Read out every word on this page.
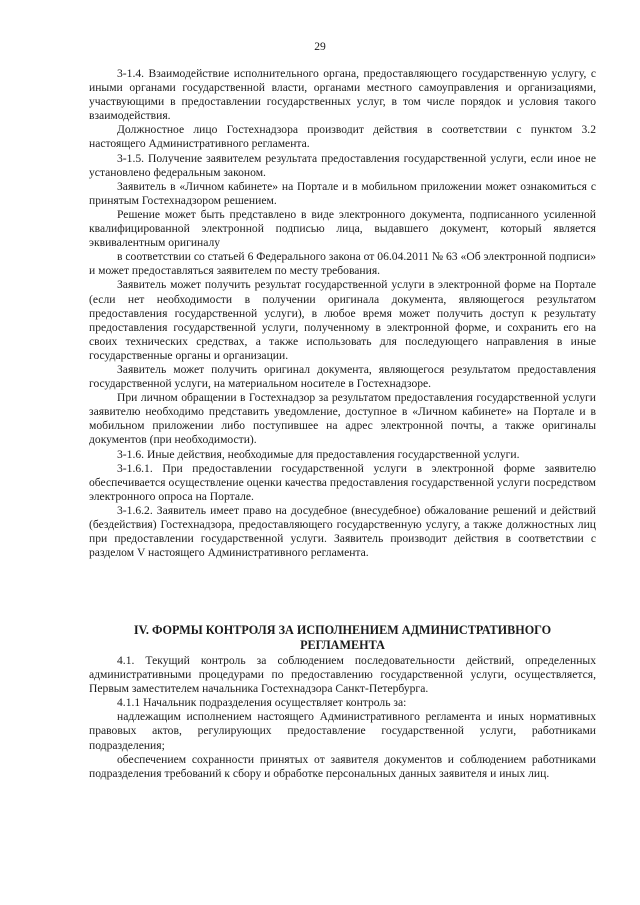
29

3-1.4. Взаимодействие исполнительного органа, предоставляющего государственную услугу, с иными органами государственной власти, органами местного самоуправления и организациями, участвующими в предоставлении государственных услуг, в том числе порядок и условия такого взаимодействия.

Должностное лицо Гостехнадзора производит действия в соответствии с пунктом 3.2 настоящего Административного регламента.

3-1.5. Получение заявителем результата предоставления государственной услуги, если иное не установлено федеральным законом.

Заявитель в «Личном кабинете» на Портале и в мобильном приложении может ознакомиться с принятым Гостехнадзором решением.

Решение может быть представлено в виде электронного документа, подписанного усиленной квалифицированной электронной подписью лица, выдавшего документ, который является эквивалентным оригиналу

в соответствии со статьей 6 Федерального закона от 06.04.2011 № 63 «Об электронной подписи» и может предоставляться заявителем по месту требования.

Заявитель может получить результат государственной услуги в электронной форме на Портале (если нет необходимости в получении оригинала документа, являющегося результатом предоставления государственной услуги), в любое время может получить доступ к результату предоставления государственной услуги, полученному в электронной форме, и сохранить его на своих технических средствах, а также использовать для последующего направления в иные государственные органы и организации.

Заявитель может получить оригинал документа, являющегося результатом предоставления государственной услуги, на материальном носителе в Гостехнадзоре.

При личном обращении в Гостехнадзор за результатом предоставления государственной услуги заявителю необходимо представить уведомление, доступное в «Личном кабинете» на Портале и в мобильном приложении либо поступившее на адрес электронной почты, а также оригиналы документов (при необходимости).

3-1.6. Иные действия, необходимые для предоставления государственной услуги.

3-1.6.1. При предоставлении государственной услуги в электронной форме заявителю обеспечивается осуществление оценки качества предоставления государственной услуги посредством электронного опроса на Портале.

3-1.6.2. Заявитель имеет право на досудебное (внесудебное) обжалование решений и действий (бездействия) Гостехнадзора, предоставляющего государственную услугу, а также должностных лиц при предоставлении государственной услуги. Заявитель производит действия в соответствии с разделом V настоящего Административного регламента.

IV. ФОРМЫ КОНТРОЛЯ ЗА ИСПОЛНЕНИЕМ АДМИНИСТРАТИВНОГО
РЕГЛАМЕНТА

4.1. Текущий контроль за соблюдением последовательности действий, определенных административными процедурами по предоставлению государственной услуги, осуществляется, Первым заместителем начальника Гостехнадзора Санкт-Петербурга.

4.1.1 Начальник подразделения осуществляет контроль за:

надлежащим исполнением настоящего Административного регламента и иных нормативных правовых актов, регулирующих предоставление государственной услуги, работниками подразделения;

обеспечением сохранности принятых от заявителя документов и соблюдением работниками подразделения требований к сбору и обработке персональных данных заявителя и иных лиц.
